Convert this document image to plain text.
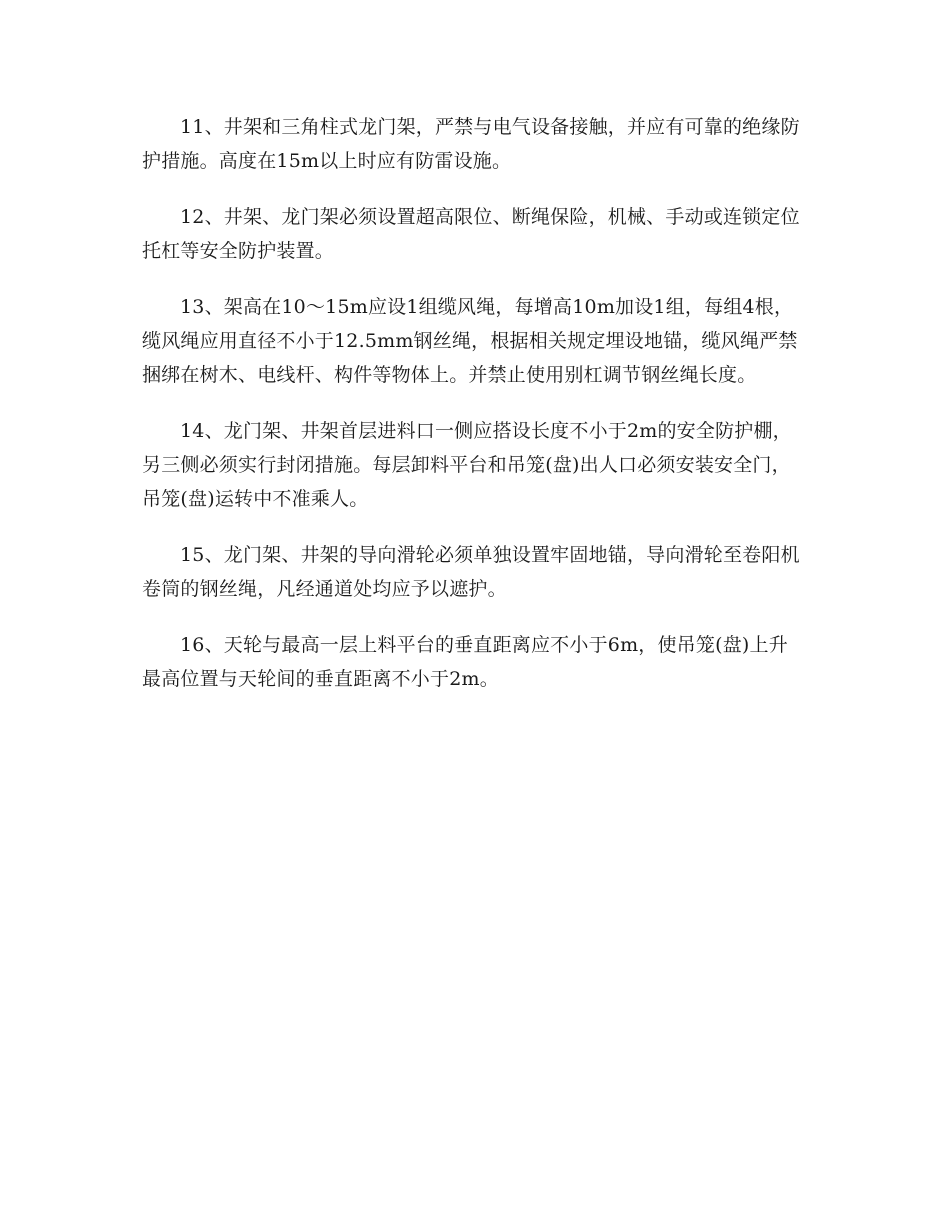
11、井架和三角柱式龙门架，严禁与电气设备接触，并应有可靠的绝缘防护措施。高度在15m以上时应有防雷设施。

12、井架、龙门架必须设置超高限位、断绳保险，机械、手动或连锁定位托杠等安全防护装置。

13、架高在10～15m应设1组缆风绳，每增高10m加设1组，每组4根，缆风绳应用直径不小于12.5mm钢丝绳，根据相关规定埋设地锚，缆风绳严禁捆绑在树木、电线杆、构件等物体上。并禁止使用别杠调节钢丝绳长度。

14、龙门架、井架首层进料口一侧应搭设长度不小于2m的安全防护棚，另三侧必须实行封闭措施。每层卸料平台和吊笼(盘)出人口必须安装安全门，吊笼(盘)运转中不准乘人。

15、龙门架、井架的导向滑轮必须单独设置牢固地锚，导向滑轮至卷阳机卷筒的钢丝绳，凡经通道处均应予以遮护。

16、天轮与最高一层上料平台的垂直距离应不小于6m，使吊笼(盘)上升最高位置与天轮间的垂直距离不小于2m。
